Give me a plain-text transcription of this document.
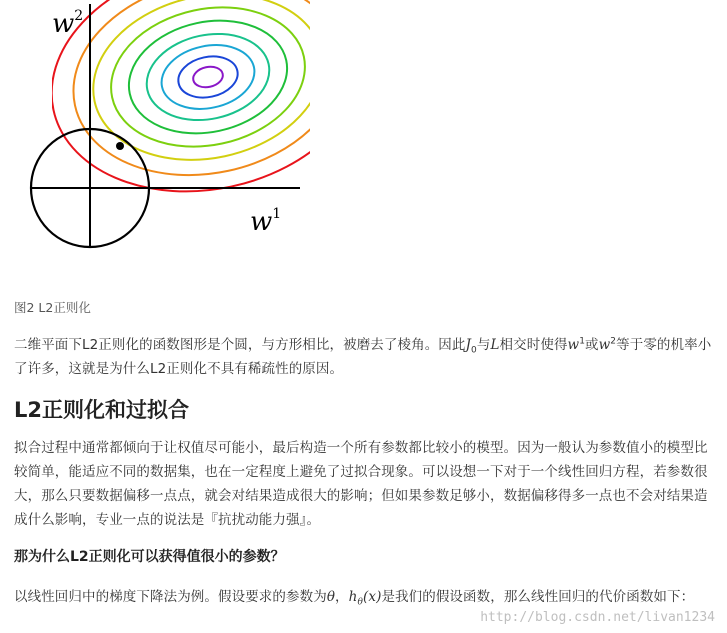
$w^2$
$w^1$
图2 L2正则化
二维平面下L2正则化的函数图形是个圆，与方形相比，被磨去了棱角。因此$J_0$与L相交时使得$w^1$或$w^2$等于零的机率小了许多，这就是为什么L2正则化不具有稀疏性的原因。
L2正则化和过拟合
拟合过程中通常都倾向于让权值尽可能小，最后构造一个所有参数都比较小的模型。因为一般认为参数值小的模型比较简单，能适应不同的数据集，也在一定程度上避免了过拟合现象。可以设想一下对于一个线性回归方程，若参数很大，那么只要数据偏移一点点，就会对结果造成很大的影响；但如果参数足够小，数据偏移得多一点也不会对结果造成什么影响，专业一点的说法是『抗扰动能力强』。
那为什么L2正则化可以获得值很小的参数？
以线性回归中的梯度下降法为例。假设要求的参数为θ，$h_\theta(x)$是我们的假设函数，那么线性回归的代价函数如下：
http://blog.csdn.net/livan1234
